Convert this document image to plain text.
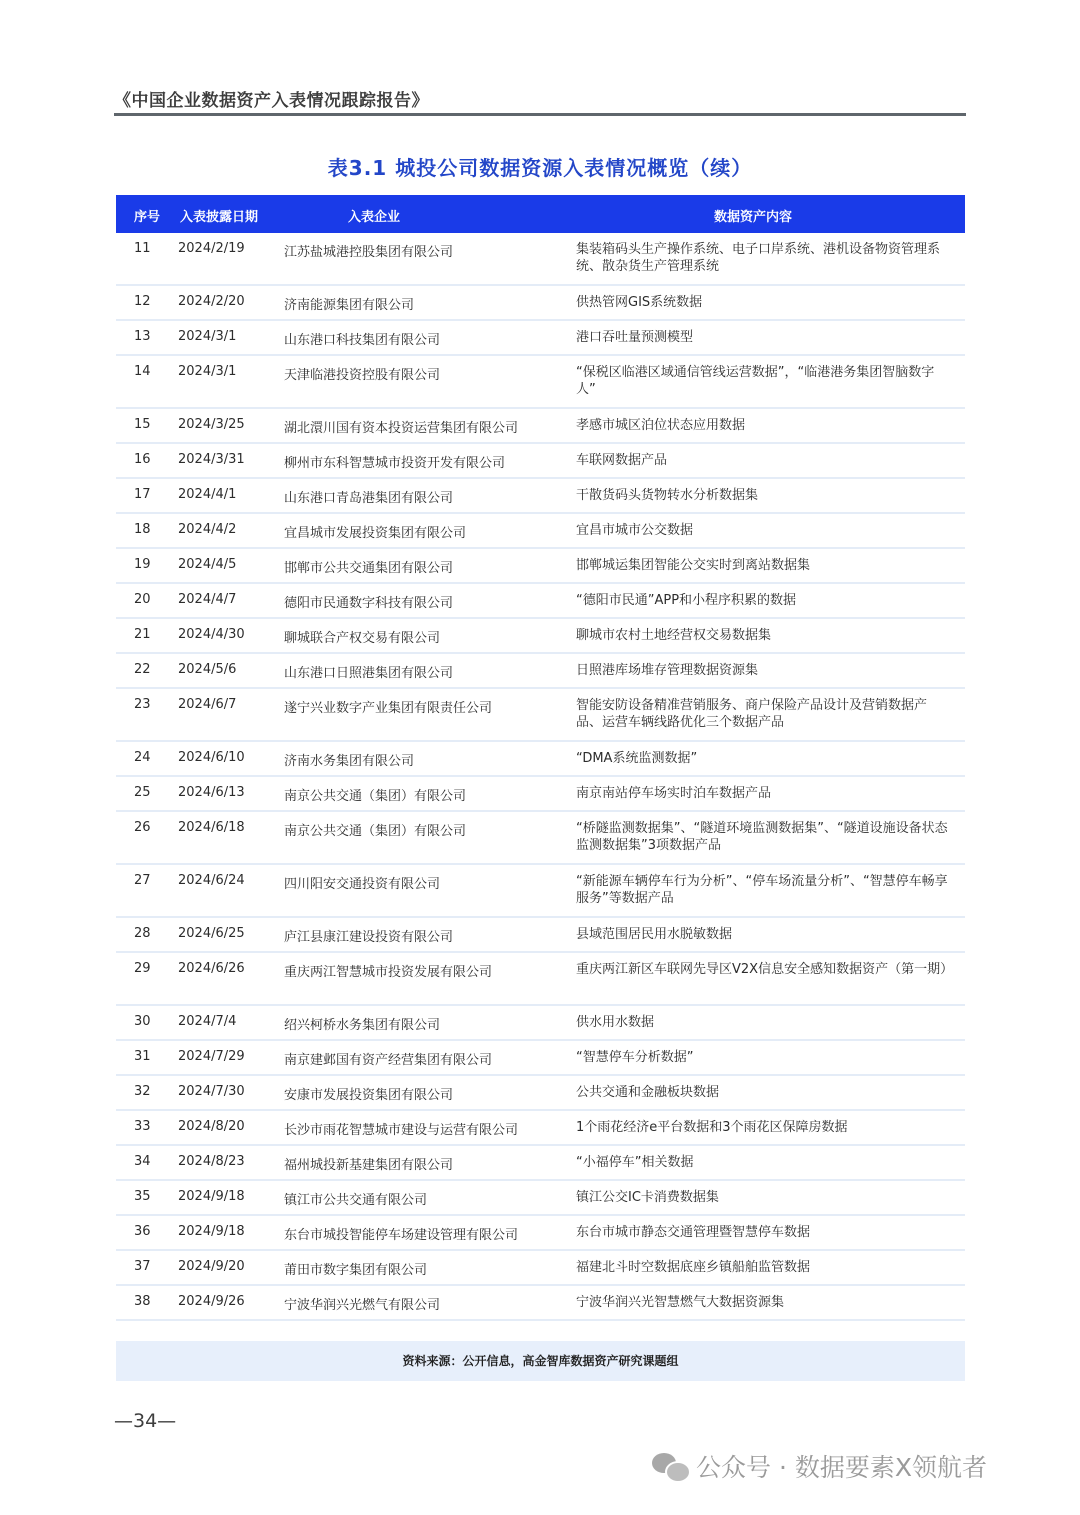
《中国企业数据资产入表情况跟踪报告》
表3.1 城投公司数据资源入表情况概览（续）
序号 入表披露日期	入表企业	数据资产内容
11 2024/2/19	江苏盐城港控股集团有限公司	集装箱码头生产操作系统、电子口岸系统、港机设备物资管理系统、散杂货生产管理系统
12 2024/2/20	济南能源集团有限公司	供热管网GIS系统数据
13 2024/3/1	山东港口科技集团有限公司	港口吞吐量预测模型
14 2024/3/1	天津临港投资控股有限公司	“保税区临港区域通信管线运营数据”，“临港港务集团智脑数字人”
15 2024/3/25	湖北澴川国有资本投资运营集团有限公司	孝感市城区泊位状态应用数据
16 2024/3/31	柳州市东科智慧城市投资开发有限公司	车联网数据产品
17 2024/4/1	山东港口青岛港集团有限公司	干散货码头货物转水分析数据集
18 2024/4/2	宜昌城市发展投资集团有限公司	宜昌市城市公交数据
19 2024/4/5	邯郸市公共交通集团有限公司	邯郸城运集团智能公交实时到离站数据集
20 2024/4/7	德阳市民通数字科技有限公司	“德阳市民通”APP和小程序积累的数据
21 2024/4/30	聊城联合产权交易有限公司	聊城市农村土地经营权交易数据集
22 2024/5/6	山东港口日照港集团有限公司	日照港库场堆存管理数据资源集
23 2024/6/7	遂宁兴业数字产业集团有限责任公司	智能安防设备精准营销服务、商户保险产品设计及营销数据产品、运营车辆线路优化三个数据产品
24 2024/6/10	济南水务集团有限公司	“DMA系统监测数据”
25 2024/6/13	南京公共交通（集团）有限公司	南京南站停车场实时泊车数据产品
26 2024/6/18	南京公共交通（集团）有限公司	“桥隧监测数据集”、“隧道环境监测数据集”、“隧道设施设备状态监测数据集”3项数据产品
27 2024/6/24	四川阳安交通投资有限公司	“新能源车辆停车行为分析”、“停车场流量分析”、“智慧停车畅享服务”等数据产品
28 2024/6/25	庐江县康江建设投资有限公司	县域范围居民用水脱敏数据
29 2024/6/26	重庆两江智慧城市投资发展有限公司	重庆两江新区车联网先导区V2X信息安全感知数据资产（第一期）
30 2024/7/4	绍兴柯桥水务集团有限公司	供水用水数据
31 2024/7/29	南京建邺国有资产经营集团有限公司	“智慧停车分析数据”
32 2024/7/30	安康市发展投资集团有限公司	公共交通和金融板块数据
33 2024/8/20	长沙市雨花智慧城市建设与运营有限公司	1个雨花经济e平台数据和3个雨花区保障房数据
34 2024/8/23	福州城投新基建集团有限公司	“小福停车”相关数据
35 2024/9/18	镇江市公共交通有限公司	镇江公交IC卡消费数据集
36 2024/9/18	东台市城投智能停车场建设管理有限公司	东台市城市静态交通管理暨智慧停车数据
37 2024/9/20	莆田市数字集团有限公司	福建北斗时空数据底座乡镇船舶监管数据
38 2024/9/26	宁波华润兴光燃气有限公司	宁波华润兴光智慧燃气大数据资源集
资料来源：公开信息，高金智库数据资产研究课题组
—34—
公众号 · 数据要素X领航者
